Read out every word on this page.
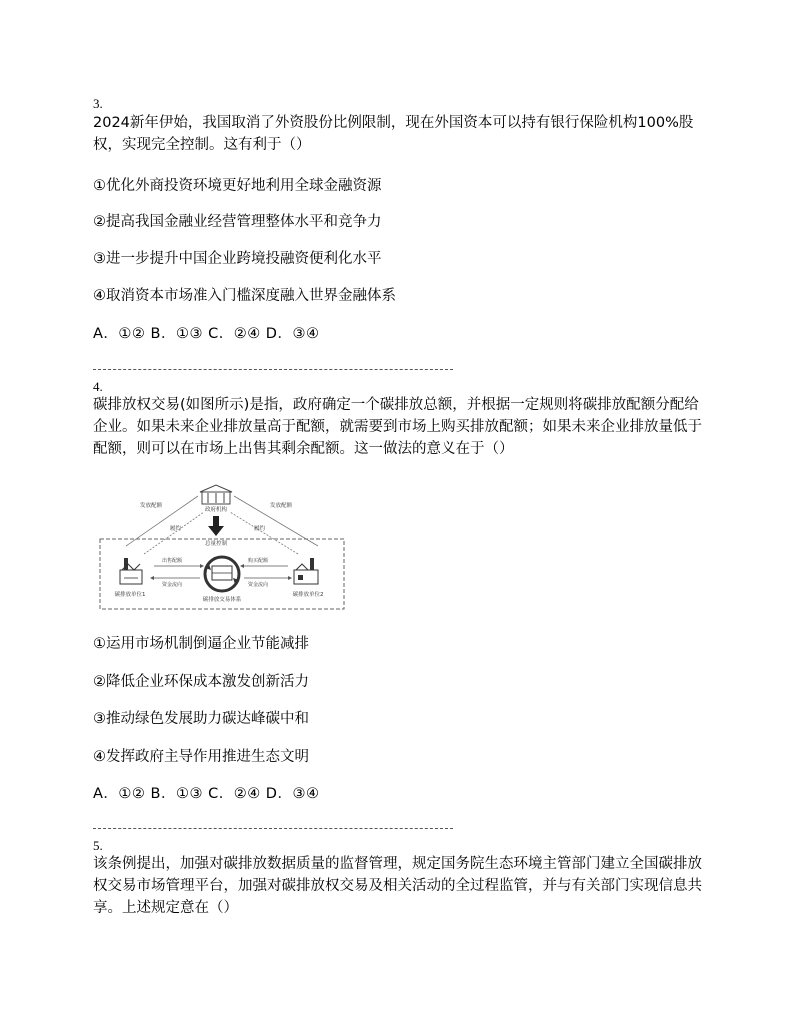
3.
2024新年伊始，我国取消了外资股份比例限制，现在外国资本可以持有银行保险机构100%股权，实现完全控制。这有利于（）
①优化外商投资环境更好地利用全球金融资源
②提高我国金融业经营管理整体水平和竞争力
③进一步提升中国企业跨境投融资便利化水平
④取消资本市场准入门槛深度融入世界金融体系
A．①② B．①③ C．②④ D．③④
4.
碳排放权交易(如图所示)是指，政府确定一个碳排放总额，并根据一定规则将碳排放配额分配给企业。如果未来企业排放量高于配额，就需要到市场上购买排放配额；如果未来企业排放量低于配额，则可以在市场上出售其剩余配额。这一做法的意义在于（）
政府机构
发放配额	发放配额
履约	履约
总量控制
碳排放交易体系
出售配额
资金流向
购买配额
资金流向
碳排放单位1	碳排放单位2
①运用市场机制倒逼企业节能减排
②降低企业环保成本激发创新活力
③推动绿色发展助力碳达峰碳中和
④发挥政府主导作用推进生态文明
A．①② B．①③ C．②④ D．③④
5.
该条例提出，加强对碳排放数据质量的监督管理，规定国务院生态环境主管部门建立全国碳排放权交易市场管理平台，加强对碳排放权交易及相关活动的全过程监管，并与有关部门实现信息共享。上述规定意在（）
